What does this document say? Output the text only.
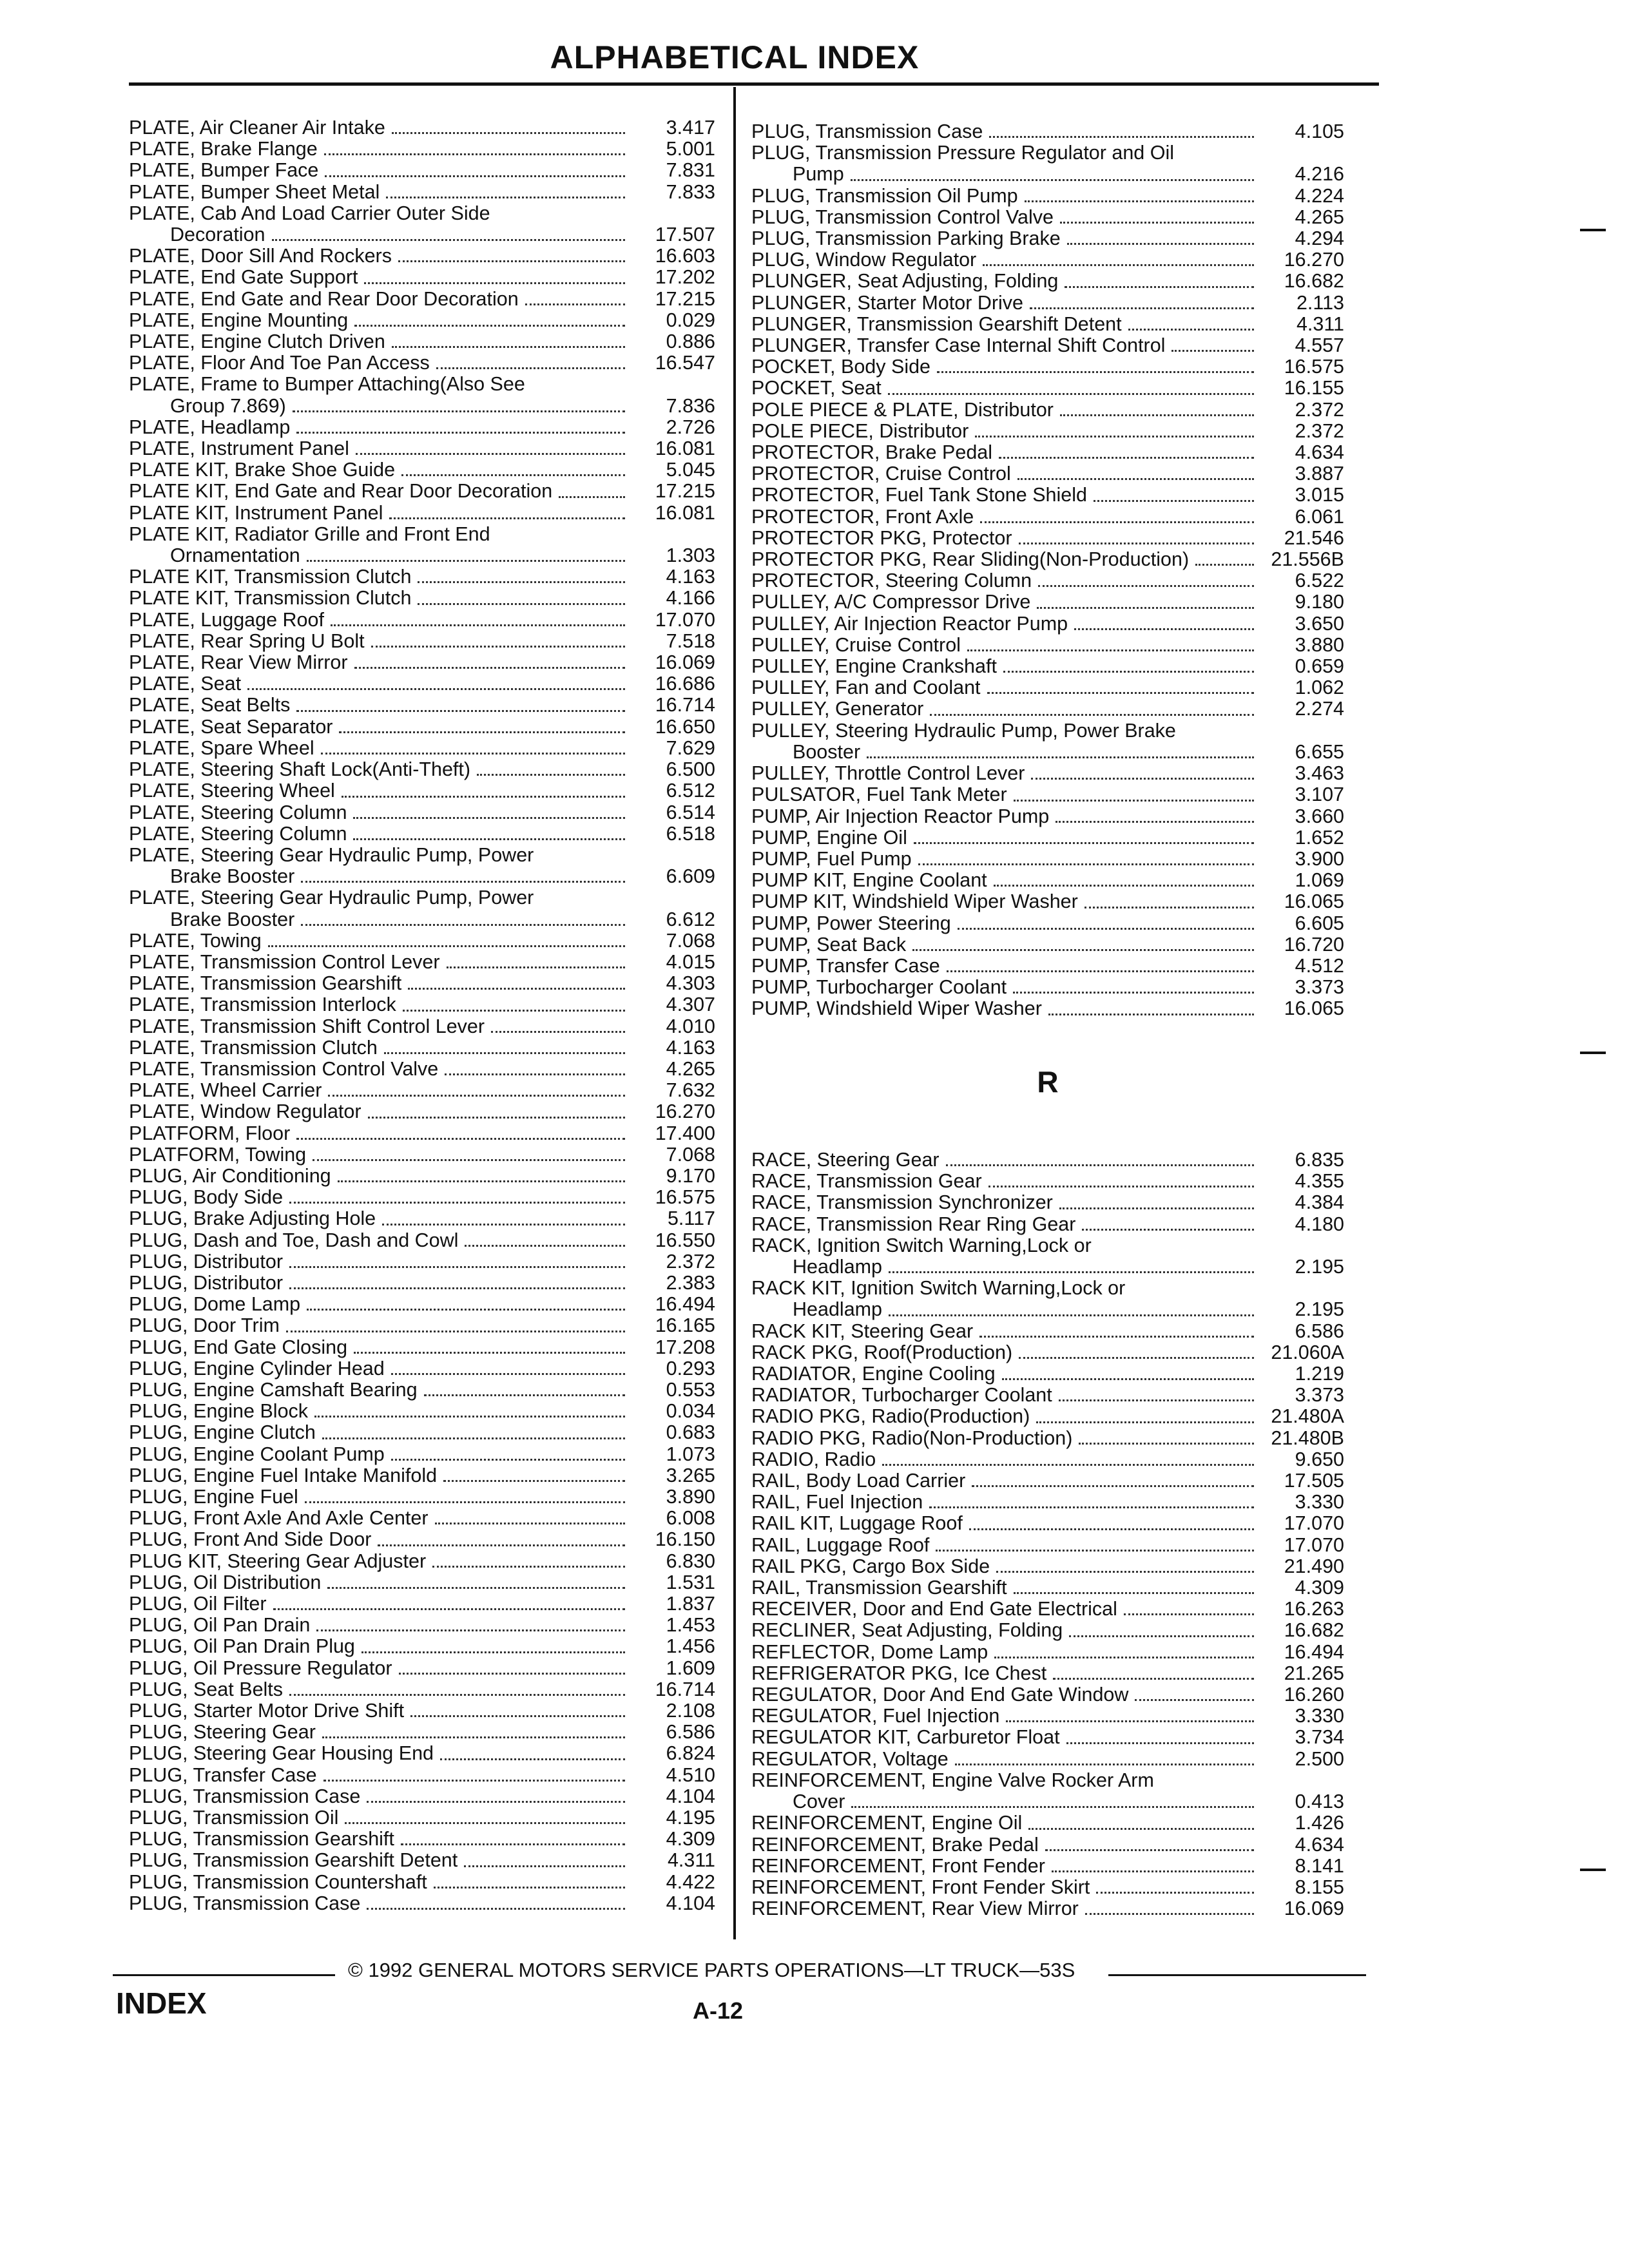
ALPHABETICAL INDEX
PLATE, Air Cleaner Air Intake	3.417
PLATE, Brake Flange	5.001
PLATE, Bumper Face	7.831
PLATE, Bumper Sheet Metal	7.833
PLATE, Cab And Load Carrier Outer Side
Decoration	17.507
PLATE, Door Sill And Rockers	16.603
PLATE, End Gate Support	17.202
PLATE, End Gate and Rear Door Decoration	17.215
PLATE, Engine Mounting	0.029
PLATE, Engine Clutch Driven	0.886
PLATE, Floor And Toe Pan Access	16.547
PLATE, Frame to Bumper Attaching(Also See
Group 7.869)	7.836
PLATE, Headlamp	2.726
PLATE, Instrument Panel	16.081
PLATE KIT, Brake Shoe Guide	5.045
PLATE KIT, End Gate and Rear Door Decoration	17.215
PLATE KIT, Instrument Panel	16.081
PLATE KIT, Radiator Grille and Front End
Ornamentation	1.303
PLATE KIT, Transmission Clutch	4.163
PLATE KIT, Transmission Clutch	4.166
PLATE, Luggage Roof	17.070
PLATE, Rear Spring U Bolt	7.518
PLATE, Rear View Mirror	16.069
PLATE, Seat	16.686
PLATE, Seat Belts	16.714
PLATE, Seat Separator	16.650
PLATE, Spare Wheel	7.629
PLATE, Steering Shaft Lock(Anti-Theft)	6.500
PLATE, Steering Wheel	6.512
PLATE, Steering Column	6.514
PLATE, Steering Column	6.518
PLATE, Steering Gear Hydraulic Pump, Power
Brake Booster	6.609
PLATE, Steering Gear Hydraulic Pump, Power
Brake Booster	6.612
PLATE, Towing	7.068
PLATE, Transmission Control Lever	4.015
PLATE, Transmission Gearshift	4.303
PLATE, Transmission Interlock	4.307
PLATE, Transmission Shift Control Lever	4.010
PLATE, Transmission Clutch	4.163
PLATE, Transmission Control Valve	4.265
PLATE, Wheel Carrier	7.632
PLATE, Window Regulator	16.270
PLATFORM, Floor	17.400
PLATFORM, Towing	7.068
PLUG, Air Conditioning	9.170
PLUG, Body Side	16.575
PLUG, Brake Adjusting Hole	5.117
PLUG, Dash and Toe, Dash and Cowl	16.550
PLUG, Distributor	2.372
PLUG, Distributor	2.383
PLUG, Dome Lamp	16.494
PLUG, Door Trim	16.165
PLUG, End Gate Closing	17.208
PLUG, Engine Cylinder Head	0.293
PLUG, Engine Camshaft Bearing	0.553
PLUG, Engine Block	0.034
PLUG, Engine Clutch	0.683
PLUG, Engine Coolant Pump	1.073
PLUG, Engine Fuel Intake Manifold	3.265
PLUG, Engine Fuel	3.890
PLUG, Front Axle And Axle Center	6.008
PLUG, Front And Side Door	16.150
PLUG KIT, Steering Gear Adjuster	6.830
PLUG, Oil Distribution	1.531
PLUG, Oil Filter	1.837
PLUG, Oil Pan Drain	1.453
PLUG, Oil Pan Drain Plug	1.456
PLUG, Oil Pressure Regulator	1.609
PLUG, Seat Belts	16.714
PLUG, Starter Motor Drive Shift	2.108
PLUG, Steering Gear	6.586
PLUG, Steering Gear Housing End	6.824
PLUG, Transfer Case	4.510
PLUG, Transmission Case	4.104
PLUG, Transmission Oil	4.195
PLUG, Transmission Gearshift	4.309
PLUG, Transmission Gearshift Detent	4.311
PLUG, Transmission Countershaft	4.422
PLUG, Transmission Case	4.104
PLUG, Transmission Case	4.105
PLUG, Transmission Pressure Regulator and Oil
Pump	4.216
PLUG, Transmission Oil Pump	4.224
PLUG, Transmission Control Valve	4.265
PLUG, Transmission Parking Brake	4.294
PLUG, Window Regulator	16.270
PLUNGER, Seat Adjusting, Folding	16.682
PLUNGER, Starter Motor Drive	2.113
PLUNGER, Transmission Gearshift Detent	4.311
PLUNGER, Transfer Case Internal Shift Control	4.557
POCKET, Body Side	16.575
POCKET, Seat	16.155
POLE PIECE & PLATE, Distributor	2.372
POLE PIECE, Distributor	2.372
PROTECTOR, Brake Pedal	4.634
PROTECTOR, Cruise Control	3.887
PROTECTOR, Fuel Tank Stone Shield	3.015
PROTECTOR, Front Axle	6.061
PROTECTOR PKG, Protector	21.546
PROTECTOR PKG, Rear Sliding(Non-Production)	21.556B
PROTECTOR, Steering Column	6.522
PULLEY, A/C Compressor Drive	9.180
PULLEY, Air Injection Reactor Pump	3.650
PULLEY, Cruise Control	3.880
PULLEY, Engine Crankshaft	0.659
PULLEY, Fan and Coolant	1.062
PULLEY, Generator	2.274
PULLEY, Steering Hydraulic Pump, Power Brake
Booster	6.655
PULLEY, Throttle Control Lever	3.463
PULSATOR, Fuel Tank Meter	3.107
PUMP, Air Injection Reactor Pump	3.660
PUMP, Engine Oil	1.652
PUMP, Fuel Pump	3.900
PUMP KIT, Engine Coolant	1.069
PUMP KIT, Windshield Wiper Washer	16.065
PUMP, Power Steering	6.605
PUMP, Seat Back	16.720
PUMP, Transfer Case	4.512
PUMP, Turbocharger Coolant	3.373
PUMP, Windshield Wiper Washer	16.065
RACE, Steering Gear	6.835
RACE, Transmission Gear	4.355
RACE, Transmission Synchronizer	4.384
RACE, Transmission Rear Ring Gear	4.180
RACK, Ignition Switch Warning,Lock or
Headlamp	2.195
RACK KIT, Ignition Switch Warning,Lock or
Headlamp	2.195
RACK KIT, Steering Gear	6.586
RACK PKG, Roof(Production)	21.060A
RADIATOR, Engine Cooling	1.219
RADIATOR, Turbocharger Coolant	3.373
RADIO PKG, Radio(Production)	21.480A
RADIO PKG, Radio(Non-Production)	21.480B
RADIO, Radio	9.650
RAIL, Body Load Carrier	17.505
RAIL, Fuel Injection	3.330
RAIL KIT, Luggage Roof	17.070
RAIL, Luggage Roof	17.070
RAIL PKG, Cargo Box Side	21.490
RAIL, Transmission Gearshift	4.309
RECEIVER, Door and End Gate Electrical	16.263
RECLINER, Seat Adjusting, Folding	16.682
REFLECTOR, Dome Lamp	16.494
REFRIGERATOR PKG, Ice Chest	21.265
REGULATOR, Door And End Gate Window	16.260
REGULATOR, Fuel Injection	3.330
REGULATOR KIT, Carburetor Float	3.734
REGULATOR, Voltage	2.500
REINFORCEMENT, Engine Valve Rocker Arm
Cover	0.413
REINFORCEMENT, Engine Oil	1.426
REINFORCEMENT, Brake Pedal	4.634
REINFORCEMENT, Front Fender	8.141
REINFORCEMENT, Front Fender Skirt	8.155
REINFORCEMENT, Rear View Mirror	16.069
R
© 1992 GENERAL MOTORS SERVICE PARTS OPERATIONS—LT TRUCK—53S
INDEX	A-12
